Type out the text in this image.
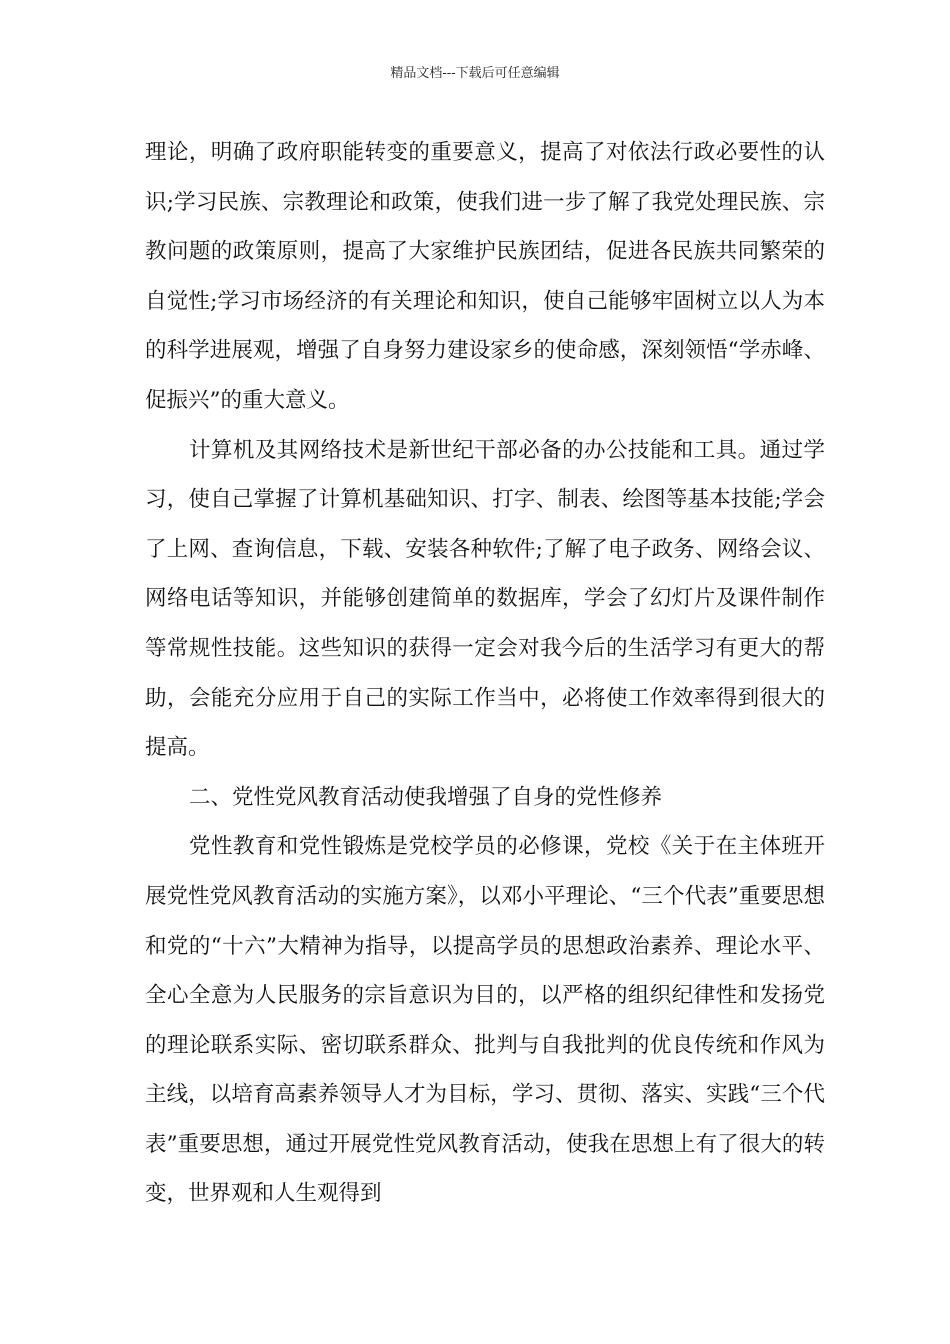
精品文档---下载后可任意编辑

理论，明确了政府职能转变的重要意义，提高了对依法行政必要性的认识;学习民族、宗教理论和政策，使我们进一步了解了我党处理民族、宗教问题的政策原则，提高了大家维护民族团结，促进各民族共同繁荣的自觉性;学习市场经济的有关理论和知识，使自己能够牢固树立以人为本的科学进展观，增强了自身努力建设家乡的使命感，深刻领悟“学赤峰、促振兴”的重大意义。

计算机及其网络技术是新世纪干部必备的办公技能和工具。通过学习，使自己掌握了计算机基础知识、打字、制表、绘图等基本技能;学会了上网、查询信息，下载、安装各种软件;了解了电子政务、网络会议、网络电话等知识，并能够创建简单的数据库，学会了幻灯片及课件制作等常规性技能。这些知识的获得一定会对我今后的生活学习有更大的帮助，会能充分应用于自己的实际工作当中，必将使工作效率得到很大的提高。

二、党性党风教育活动使我增强了自身的党性修养

党性教育和党性锻炼是党校学员的必修课，党校《关于在主体班开展党性党风教育活动的实施方案》，以邓小平理论、“三个代表”重要思想和党的“十六”大精神为指导，以提高学员的思想政治素养、理论水平、全心全意为人民服务的宗旨意识为目的，以严格的组织纪律性和发扬党的理论联系实际、密切联系群众、批判与自我批判的优良传统和作风为主线，以培育高素养领导人才为目标，学习、贯彻、落实、实践“三个代表”重要思想，通过开展党性党风教育活动，使我在思想上有了很大的转变，世界观和人生观得到
